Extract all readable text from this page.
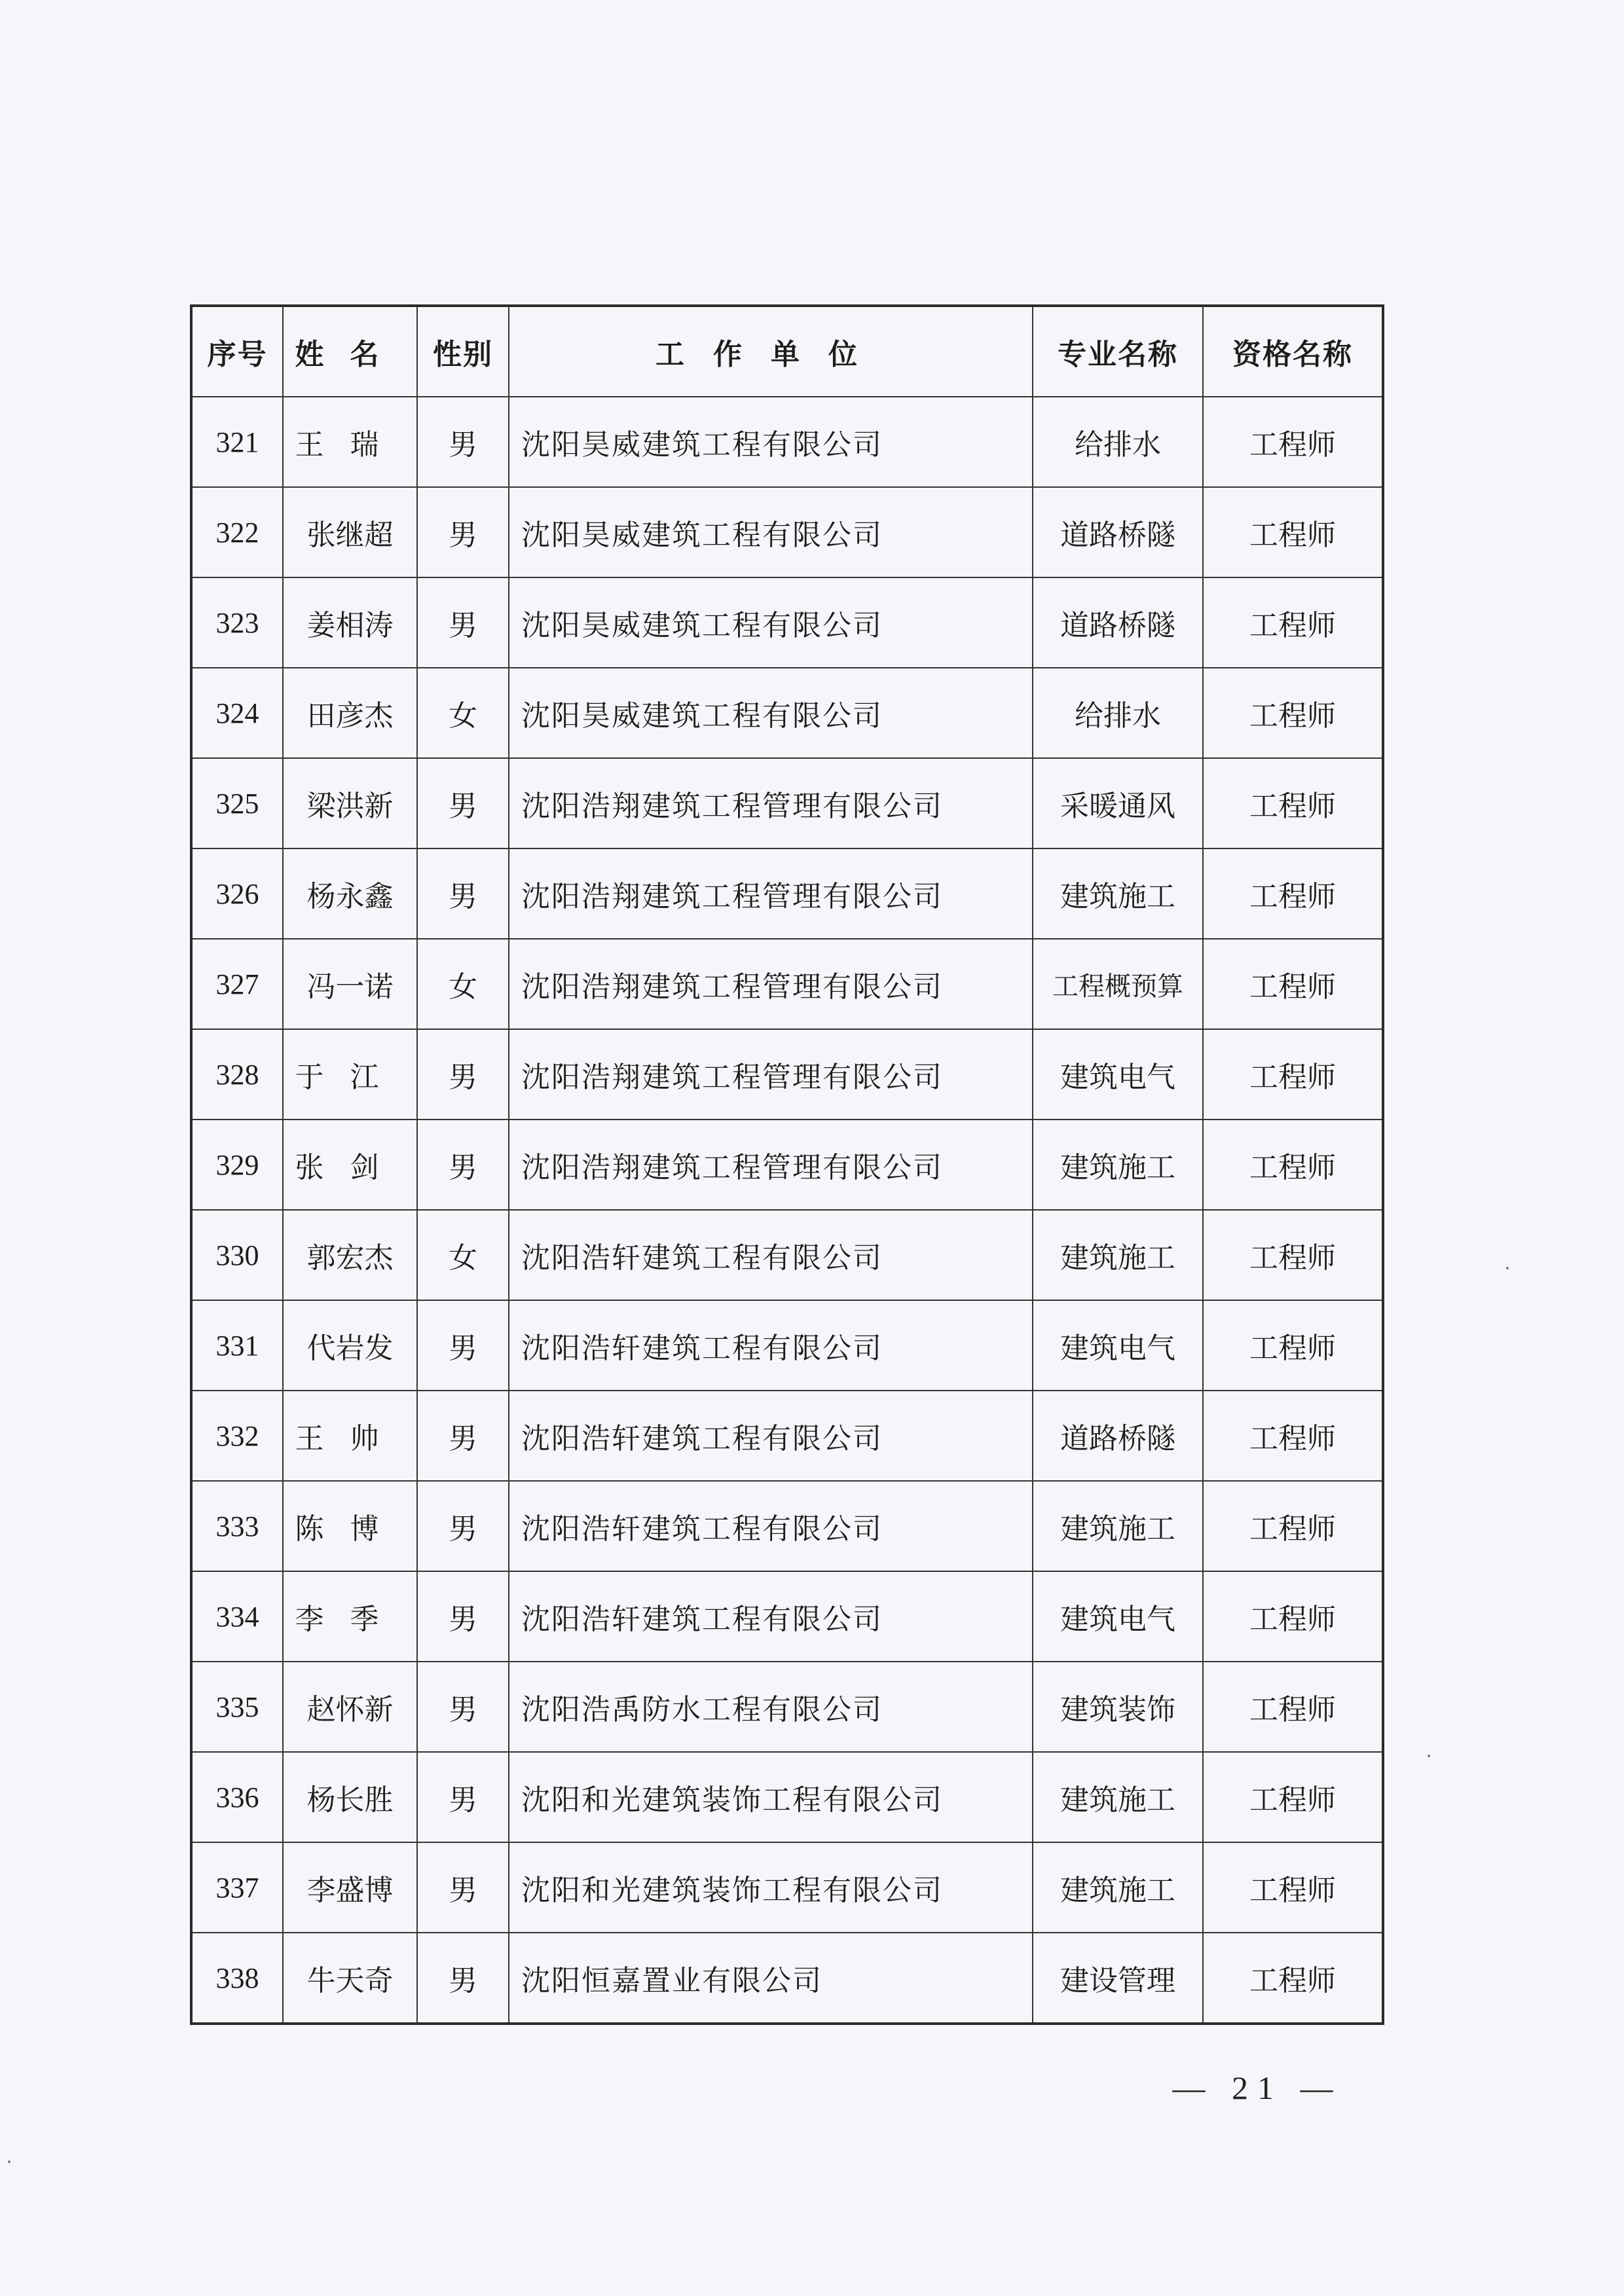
序号	姓名	性别	工作单位	专业名称	资格名称
321	王瑞	男	沈阳昊威建筑工程有限公司	给排水	工程师
322	张继超	男	沈阳昊威建筑工程有限公司	道路桥隧	工程师
323	姜相涛	男	沈阳昊威建筑工程有限公司	道路桥隧	工程师
324	田彦杰	女	沈阳昊威建筑工程有限公司	给排水	工程师
325	梁洪新	男	沈阳浩翔建筑工程管理有限公司	采暖通风	工程师
326	杨永鑫	男	沈阳浩翔建筑工程管理有限公司	建筑施工	工程师
327	冯一诺	女	沈阳浩翔建筑工程管理有限公司	工程概预算	工程师
328	于江	男	沈阳浩翔建筑工程管理有限公司	建筑电气	工程师
329	张剑	男	沈阳浩翔建筑工程管理有限公司	建筑施工	工程师
330	郭宏杰	女	沈阳浩轩建筑工程有限公司	建筑施工	工程师
331	代岩发	男	沈阳浩轩建筑工程有限公司	建筑电气	工程师
332	王帅	男	沈阳浩轩建筑工程有限公司	道路桥隧	工程师
333	陈博	男	沈阳浩轩建筑工程有限公司	建筑施工	工程师
334	李季	男	沈阳浩轩建筑工程有限公司	建筑电气	工程师
335	赵怀新	男	沈阳浩禹防水工程有限公司	建筑装饰	工程师
336	杨长胜	男	沈阳和光建筑装饰工程有限公司	建筑施工	工程师
337	李盛博	男	沈阳和光建筑装饰工程有限公司	建筑施工	工程师
338	牛天奇	男	沈阳恒嘉置业有限公司	建设管理	工程师
— 21 —
